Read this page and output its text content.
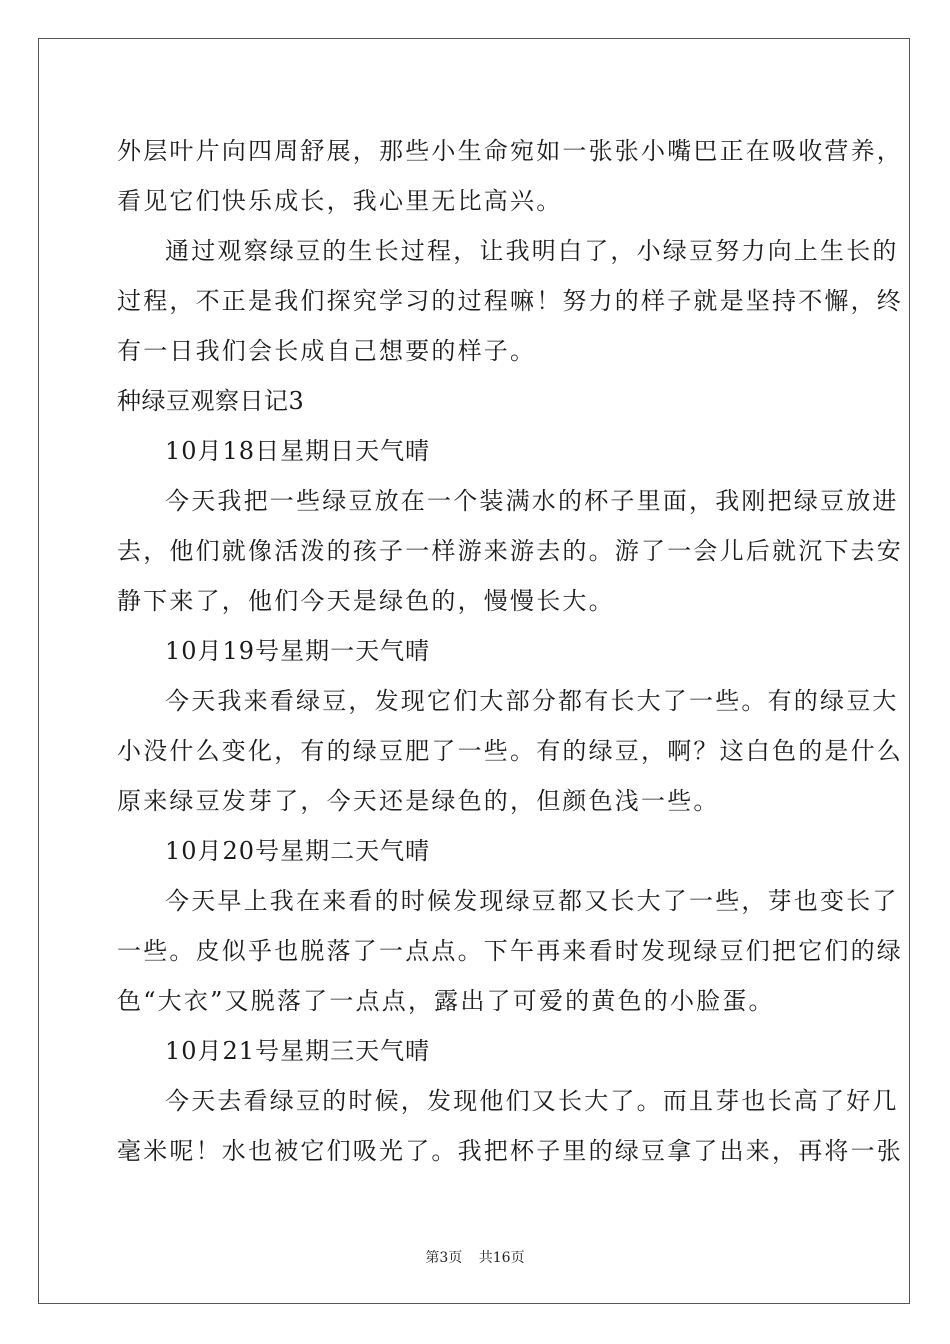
外层叶片向四周舒展，那些小生命宛如一张张小嘴巴正在吸收营养，
看见它们快乐成长，我心里无比高兴。
通过观察绿豆的生长过程，让我明白了，小绿豆努力向上生长的
过程，不正是我们探究学习的过程嘛！努力的样子就是坚持不懈，终
有一日我们会长成自己想要的样子。
种绿豆观察日记3
10月18日星期日天气晴
今天我把一些绿豆放在一个装满水的杯子里面，我刚把绿豆放进
去，他们就像活泼的孩子一样游来游去的。游了一会儿后就沉下去安
静下来了，他们今天是绿色的，慢慢长大。
10月19号星期一天气晴
今天我来看绿豆，发现它们大部分都有长大了一些。有的绿豆大
小没什么变化，有的绿豆肥了一些。有的绿豆，啊？这白色的是什么
原来绿豆发芽了，今天还是绿色的，但颜色浅一些。
10月20号星期二天气晴
今天早上我在来看的时候发现绿豆都又长大了一些，芽也变长了
一些。皮似乎也脱落了一点点。下午再来看时发现绿豆们把它们的绿
色“大衣”又脱落了一点点，露出了可爱的黄色的小脸蛋。
10月21号星期三天气晴
今天去看绿豆的时候，发现他们又长大了。而且芽也长高了好几
毫米呢！水也被它们吸光了。我把杯子里的绿豆拿了出来，再将一张
第3页 共16页
